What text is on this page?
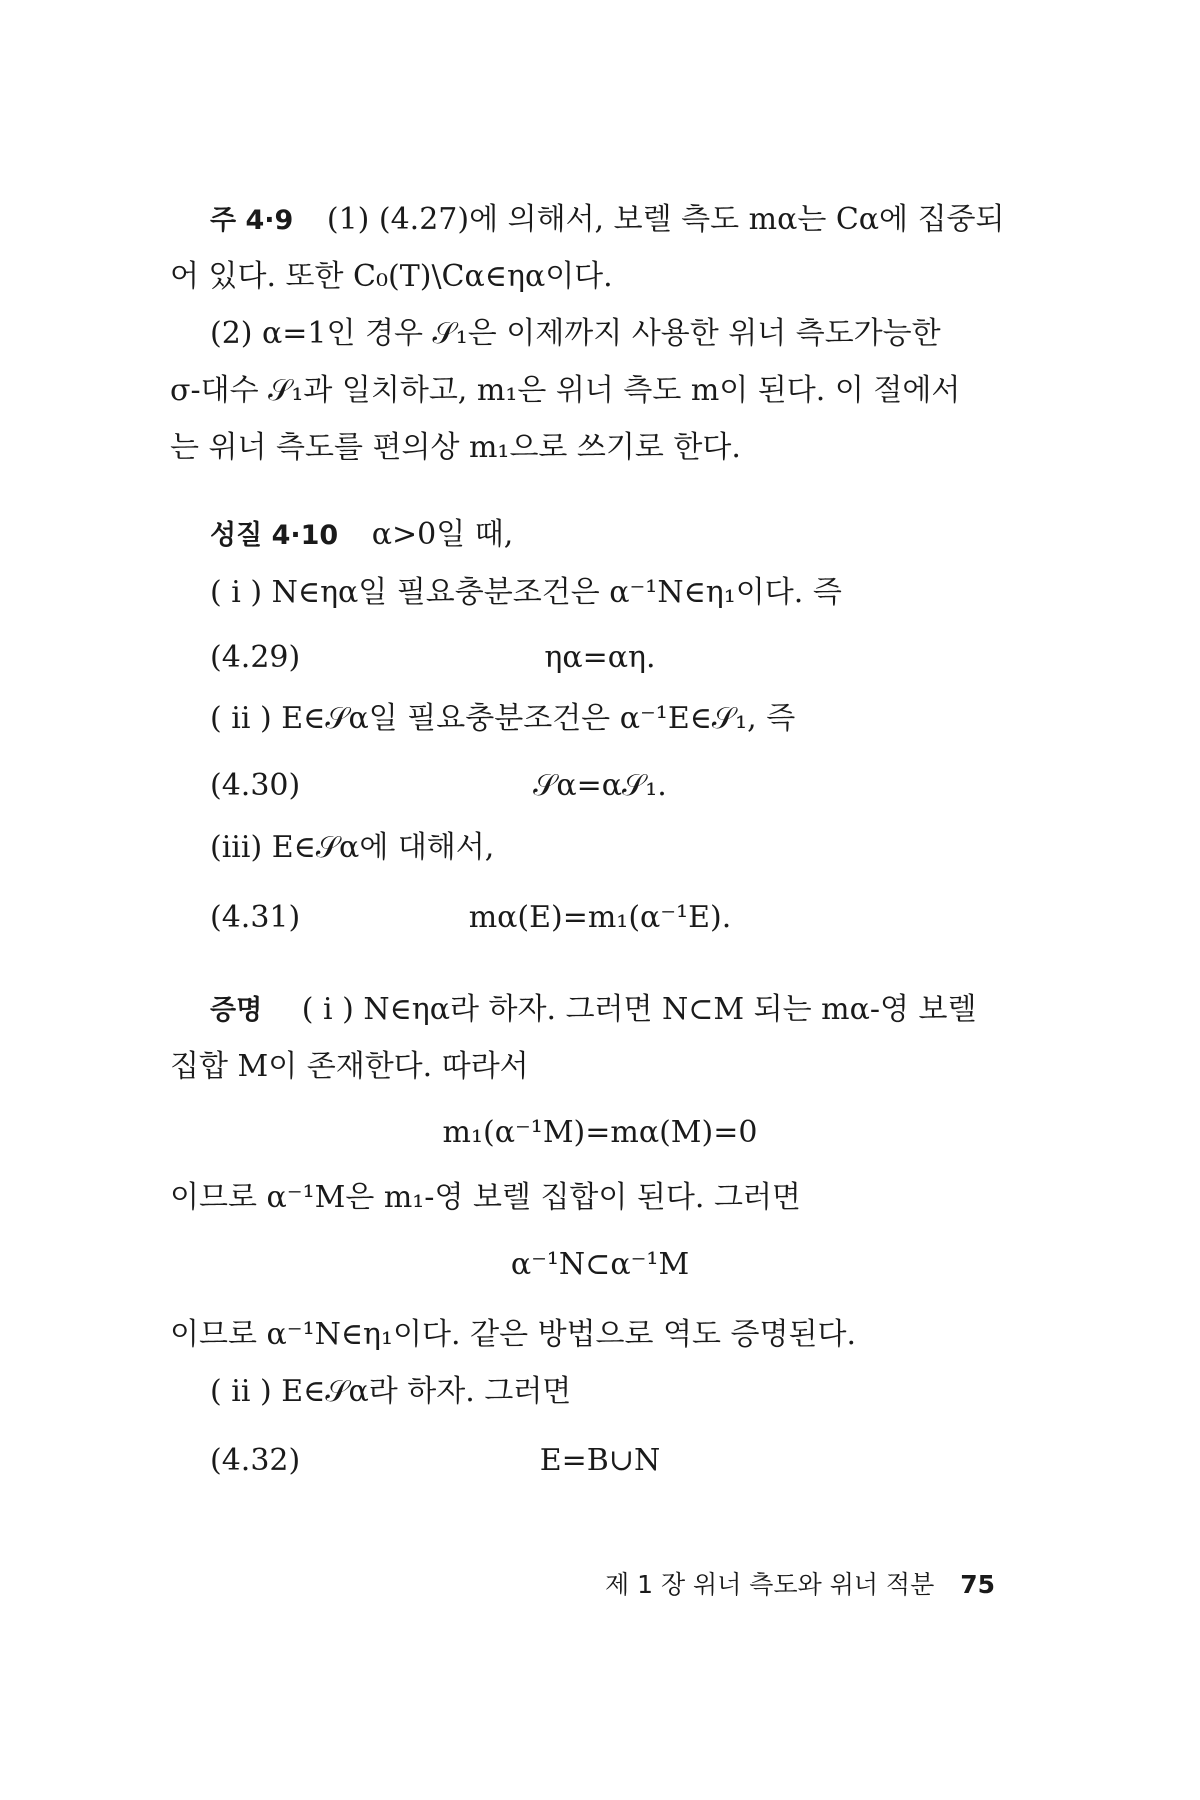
주 4·9 (1) (4.27)에 의해서, 보렐 측도 mα는 Cα에 집중되
어 있다. 또한 C₀(T)\Cα∈ηα이다.
(2) α=1인 경우 𝒮₁은 이제까지 사용한 위너 측도가능한
σ-대수 𝒮₁과 일치하고, m₁은 위너 측도 m이 된다. 이 절에서
는 위너 측도를 편의상 m₁으로 쓰기로 한다.
성질 4·10 α>0일 때,
( i ) N∈ηα일 필요충분조건은 α⁻¹N∈η₁이다. 즉
(4.29)	ηα=αη.
( ii ) E∈𝒮α일 필요충분조건은 α⁻¹E∈𝒮₁, 즉
(4.30)	𝒮α=α𝒮₁.
(iii) E∈𝒮α에 대해서,
(4.31)	mα(E)=m₁(α⁻¹E).
증명 ( i ) N∈ηα라 하자. 그러면 N⊂M 되는 mα-영 보렐
집합 M이 존재한다. 따라서
m₁(α⁻¹M)=mα(M)=0
이므로 α⁻¹M은 m₁-영 보렐 집합이 된다. 그러면
α⁻¹N⊂α⁻¹M
이므로 α⁻¹N∈η₁이다. 같은 방법으로 역도 증명된다.
( ii ) E∈𝒮α라 하자. 그러면
(4.32)	E=B∪N
제 1 장 위너 측도와 위너 적분 75
